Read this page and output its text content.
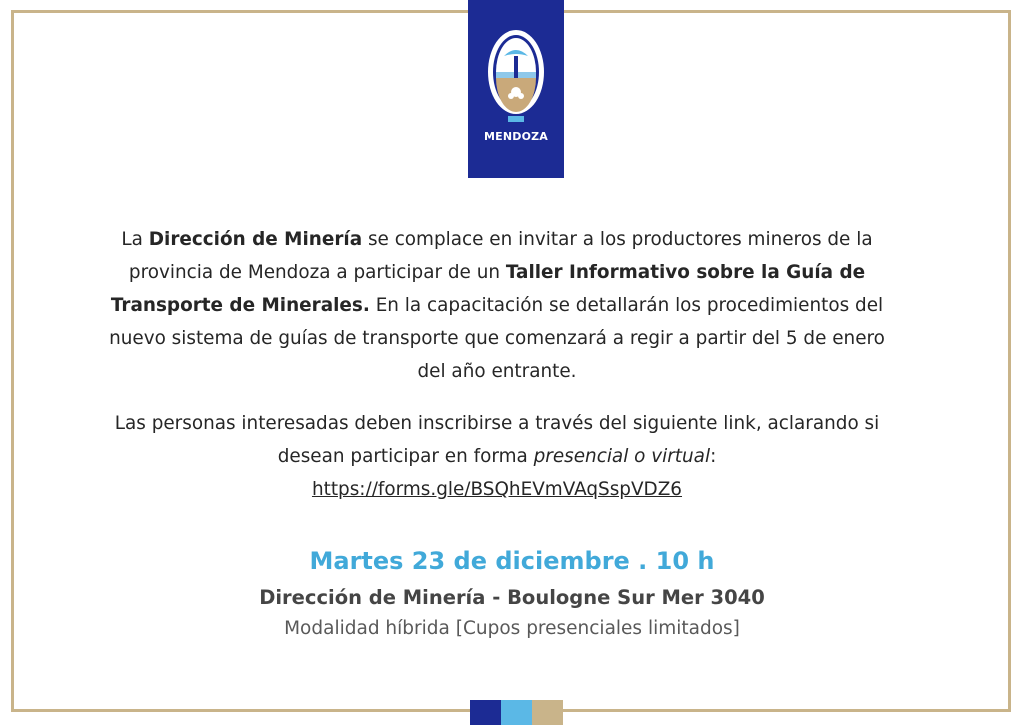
MENDOZA
La Dirección de Minería se complace en invitar a los productores mineros de la provincia de Mendoza a participar de un Taller Informativo sobre la Guía de Transporte de Minerales. En la capacitación se detallarán los procedimientos del nuevo sistema de guías de transporte que comenzará a regir a partir del 5 de enero del año entrante.
Las personas interesadas deben inscribirse a través del siguiente link, aclarando si desean participar en forma presencial o virtual:
https://forms.gle/BSQhEVmVAqSspVDZ6
Martes 23 de diciembre . 10 h
Dirección de Minería - Boulogne Sur Mer 3040
Modalidad híbrida [Cupos presenciales limitados]
